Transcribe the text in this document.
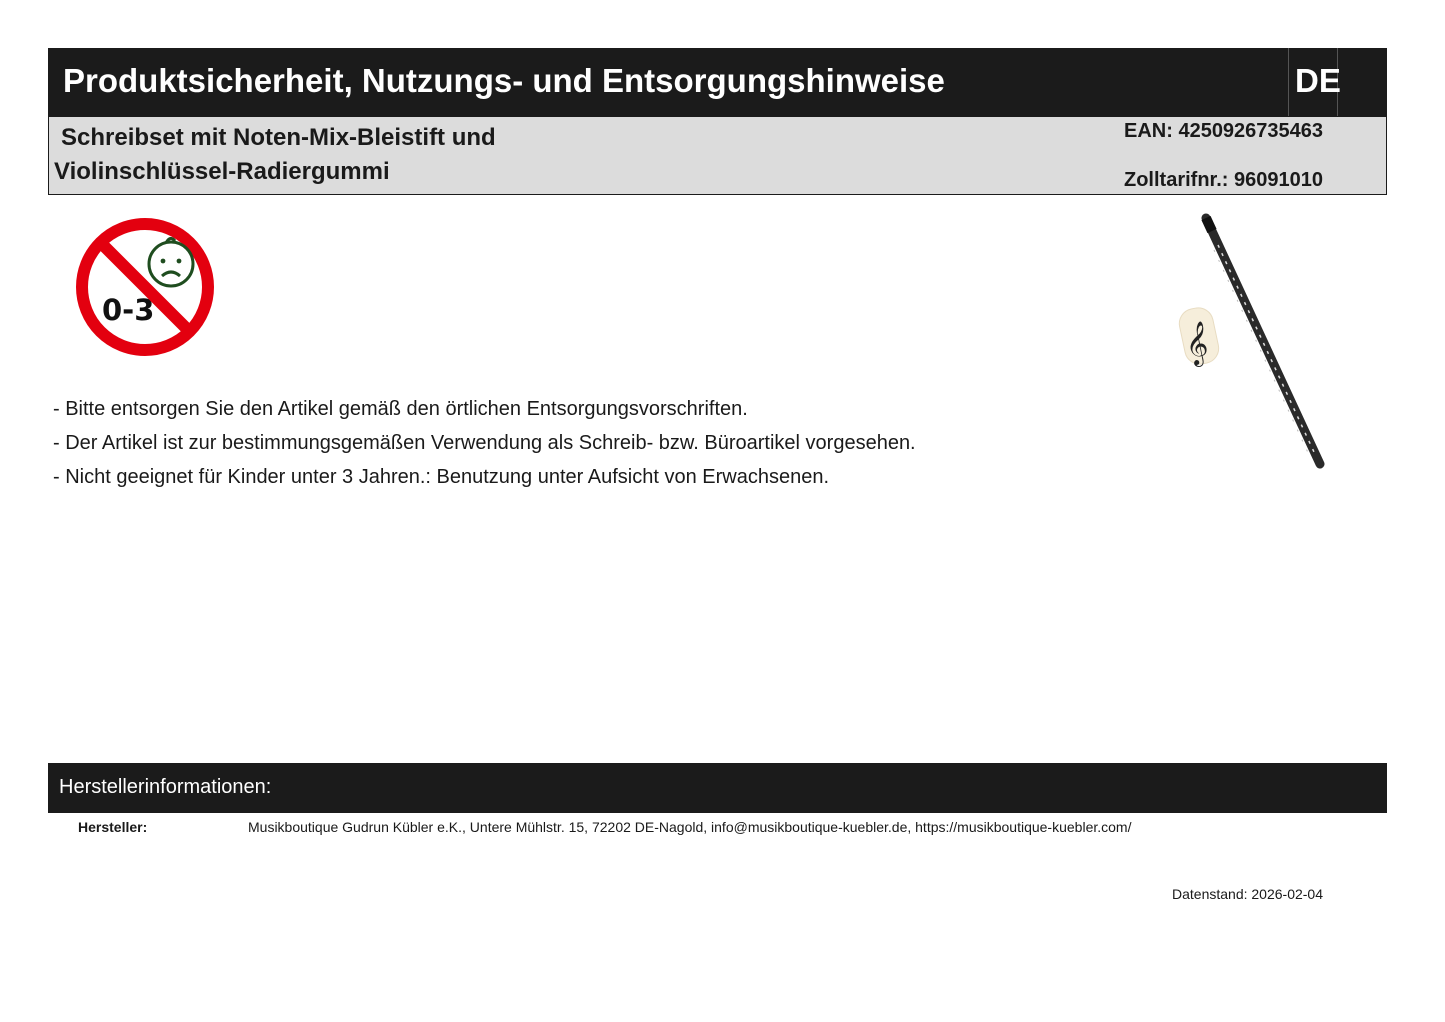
Produktsicherheit, Nutzungs- und Entsorgungshinweise	DE
Schreibset mit Noten-Mix-Bleistift und
Violinschlüssel-Radiergummi
EAN: 4250926735463
Zolltarifnr.: 96091010
0-3
𝄞
- Bitte entsorgen Sie den Artikel gemäß den örtlichen Entsorgungsvorschriften.
- Der Artikel ist zur bestimmungsgemäßen Verwendung als Schreib- bzw. Büroartikel vorgesehen.
- Nicht geeignet für Kinder unter 3 Jahren.: Benutzung unter Aufsicht von Erwachsenen.
Herstellerinformationen:
Hersteller:	Musikboutique Gudrun Kübler e.K., Untere Mühlstr. 15, 72202 DE-Nagold, info@musikboutique-kuebler.de, https://musikboutique-kuebler.com/
Datenstand: 2026-02-04
